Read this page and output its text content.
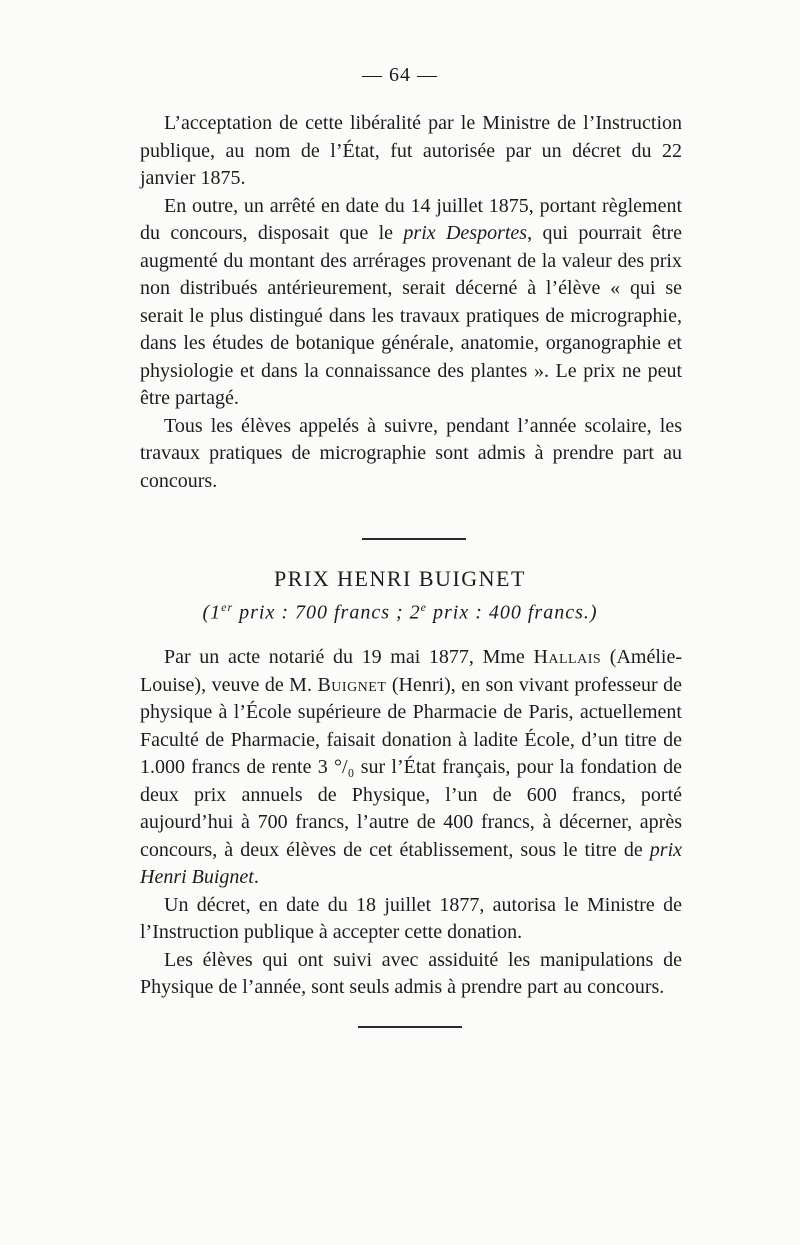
— 64 —

L’acceptation de cette libéralité par le Ministre de l’Instruction publique, au nom de l’État, fut autorisée par un décret du 22 janvier 1875.

En outre, un arrêté en date du 14 juillet 1875, portant règlement du concours, disposait que le prix Desportes, qui pourrait être augmenté du montant des arrérages provenant de la valeur des prix non distribués antérieurement, serait décerné à l’élève « qui se serait le plus distingué dans les travaux pratiques de micrographie, dans les études de botanique générale, anatomie, organographie et physiologie et dans la connaissance des plantes ». Le prix ne peut être partagé.

Tous les élèves appelés à suivre, pendant l’année scolaire, les travaux pratiques de micrographie sont admis à prendre part au concours.

PRIX HENRI BUIGNET
(1er prix : 700 francs ; 2e prix : 400 francs.)

Par un acte notarié du 19 mai 1877, Mme Hallais (Amélie-Louise), veuve de M. Buignet (Henri), en son vivant professeur de physique à l’École supérieure de Pharmacie de Paris, actuellement Faculté de Pharmacie, faisait donation à ladite École, d’un titre de 1.000 francs de rente 3 °/₀ sur l’État français, pour la fondation de deux prix annuels de Physique, l’un de 600 francs, porté aujourd’hui à 700 francs, l’autre de 400 francs, à décerner, après concours, à deux élèves de cet établissement, sous le titre de prix Henri Buignet.

Un décret, en date du 18 juillet 1877, autorisa le Ministre de l’Instruction publique à accepter cette donation.

Les élèves qui ont suivi avec assiduité les manipulations de Physique de l’année, sont seuls admis à prendre part au concours.
